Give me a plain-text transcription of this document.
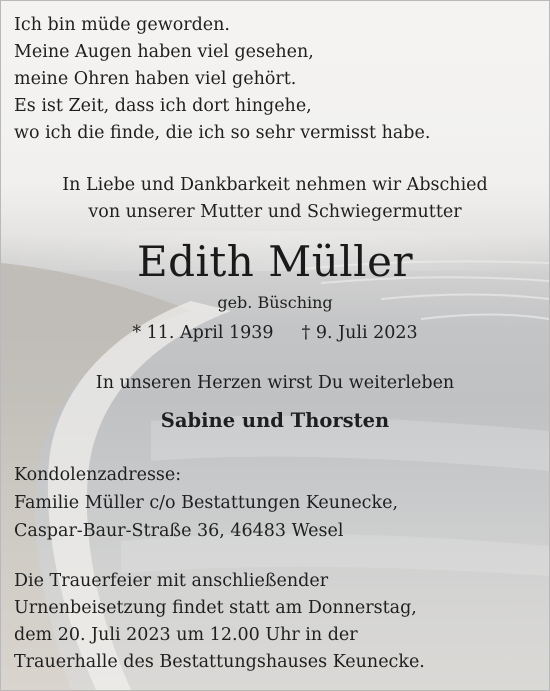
Ich bin müde geworden.

Meine Augen haben viel gesehen,

meine Ohren haben viel gehört.

Es ist Zeit, dass ich dort hingehe,

wo ich die finde, die ich so sehr vermisst habe.

In Liebe und Dankbarkeit nehmen wir Abschied

von unserer Mutter und Schwiegermutter

Edith Müller

geb. Büsching

* 11. April 1939 † 9. Juli 2023

In unseren Herzen wirst Du weiterleben

Sabine und Thorsten

Kondolenzadresse:

Familie Müller c/o Bestattungen Keunecke,

Caspar-Baur-Straße 36, 46483 Wesel

Die Trauerfeier mit anschließender

Urnenbeisetzung findet statt am Donnerstag,

dem 20. Juli 2023 um 12.00 Uhr in der

Trauerhalle des Bestattungshauses Keunecke.
